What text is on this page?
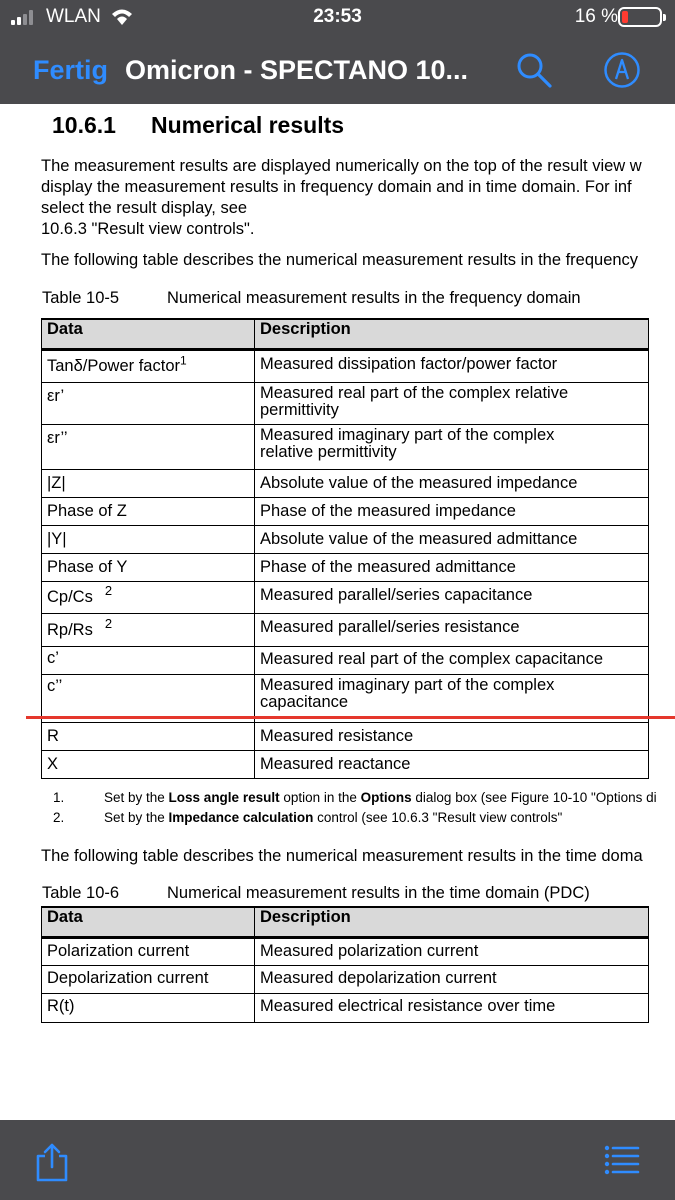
WLAN	23:53	16 %
Fertig Omicron - SPECTANO 10...
10.6.1 Numerical results
The measurement results are displayed numerically on the top of the result view w
display the measurement results in frequency domain and in time domain. For inf
select the result display, see
10.6.3 "Result view controls".
The following table describes the numerical measurement results in the frequency
Table 10-5	Numerical measurement results in the frequency domain
Data	Description
Tanδ/Power factor$^1$	Measured dissipation factor/power factor
εr’	Measured real part of the complex relative
permittivity

εr’’	Measured imaginary part of the complex
relative permittivity

|Z|	Absolute value of the measured impedance
Phase of Z	Phase of the measured impedance
|Y|	Absolute value of the measured admittance
Phase of Y	Phase of the measured admittance
Cp/Cs $^2$	Measured parallel/series capacitance
Rp/Rs $^2$	Measured parallel/series resistance
c’	Measured real part of the complex capacitance
c’’	Measured imaginary part of the complex
capacitance

R	Measured resistance
X	Measured reactance
1.	Set by the Loss angle result option in the Options dialog box (see Figure 10-10 "Options di
2.	Set by the Impedance calculation control (see 10.6.3 "Result view controls"
The following table describes the numerical measurement results in the time doma
Table 10-6	Numerical measurement results in the time domain (PDC)
Data	Description
Polarization current	Measured polarization current
Depolarization current	Measured depolarization current
R(t)	Measured electrical resistance over time
